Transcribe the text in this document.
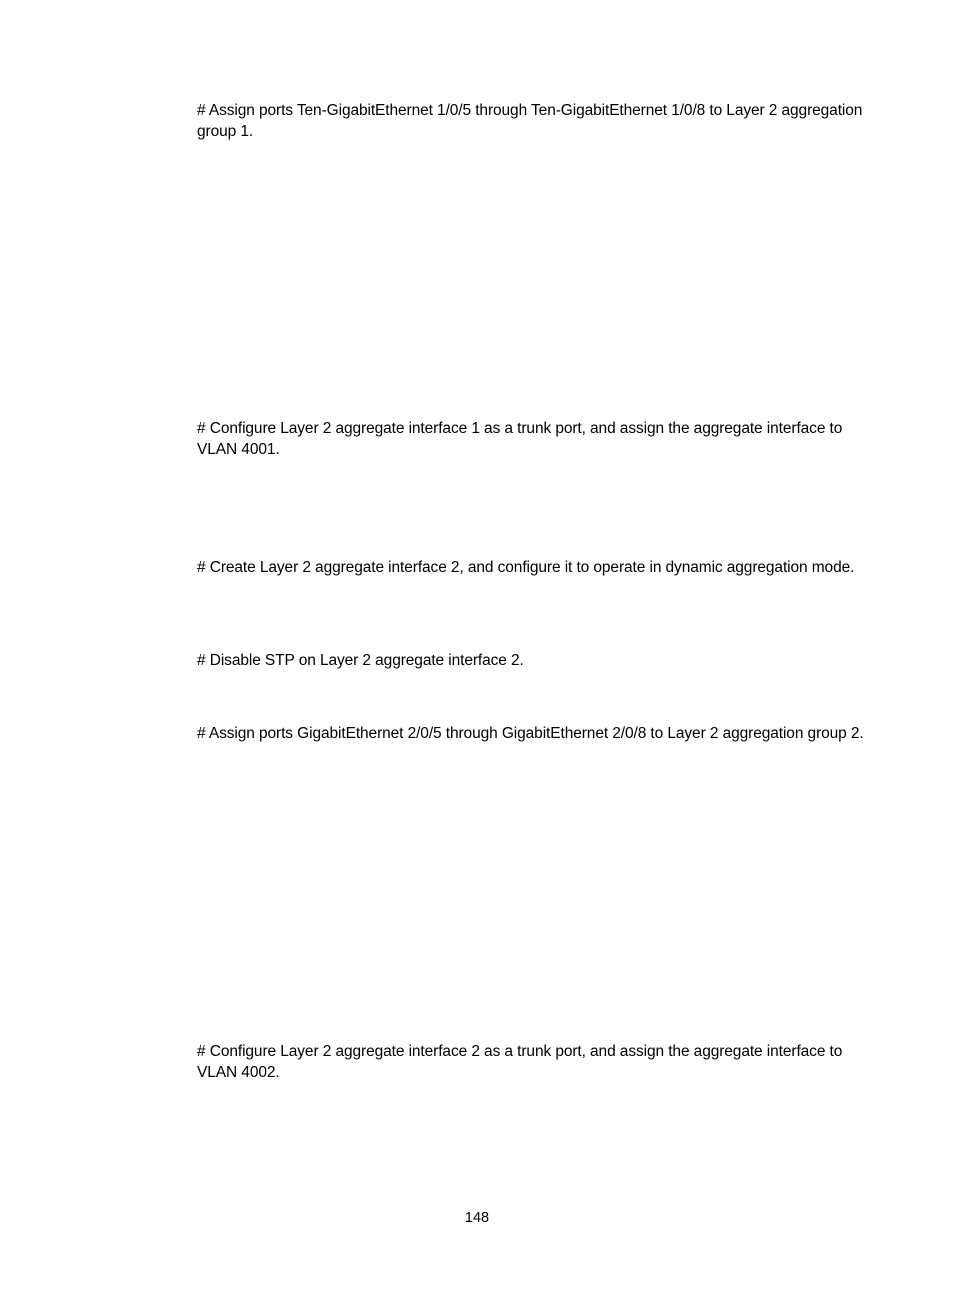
# Assign ports Ten-GigabitEthernet 1/0/5 through Ten-GigabitEthernet 1/0/8 to Layer 2 aggregation group 1.

# Configure Layer 2 aggregate interface 1 as a trunk port, and assign the aggregate interface to VLAN 4001.

# Create Layer 2 aggregate interface 2, and configure it to operate in dynamic aggregation mode.

# Disable STP on Layer 2 aggregate interface 2.

# Assign ports GigabitEthernet 2/0/5 through GigabitEthernet 2/0/8 to Layer 2 aggregation group 2.

# Configure Layer 2 aggregate interface 2 as a trunk port, and assign the aggregate interface to VLAN 4002.

148
